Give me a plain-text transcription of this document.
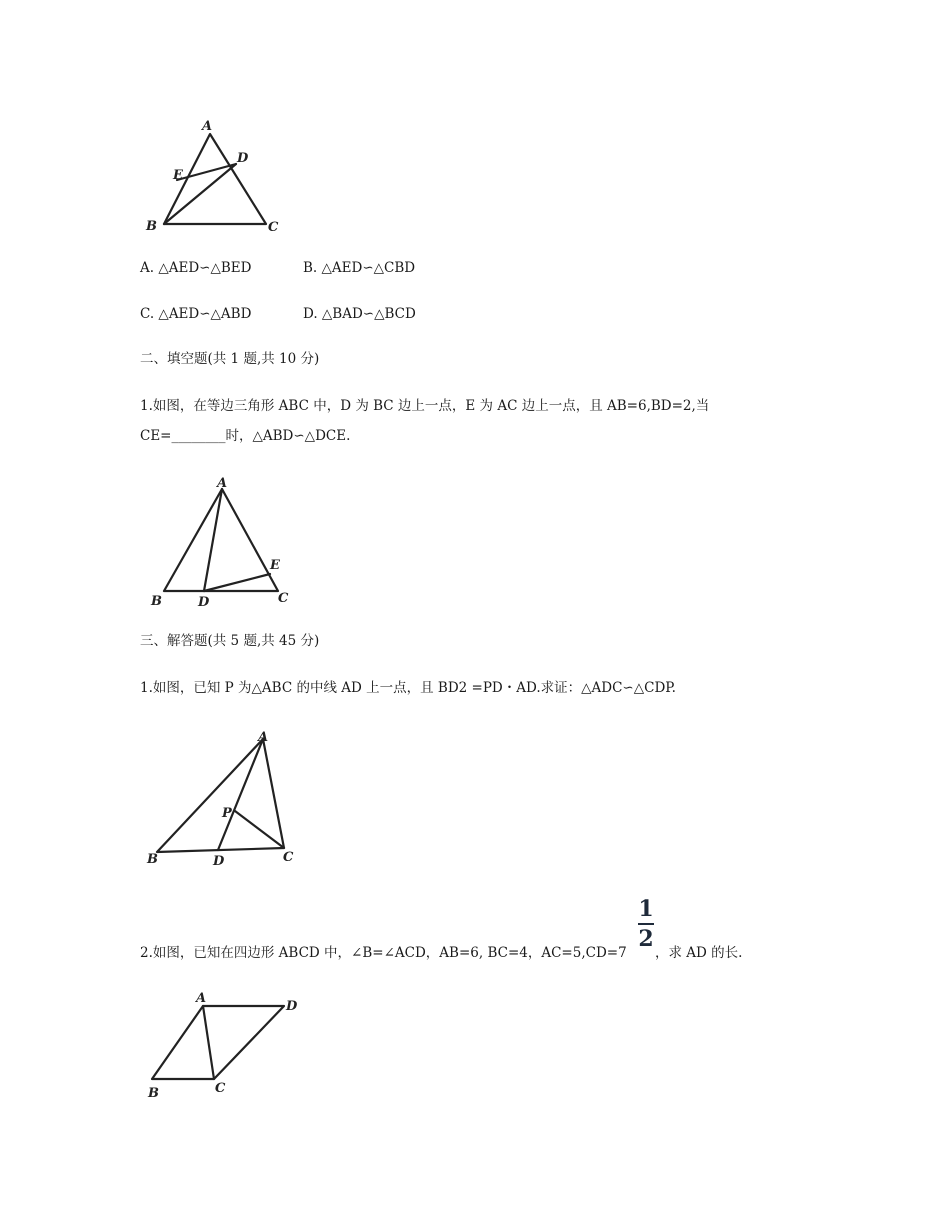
A
D
E
B	C
A. △AED∽△BED	B. △AED∽△CBD
C. △AED∽△ABD	D. △BAD∽△BCD
二、填空题(共 1 题,共 10 分)
1.如图，在等边三角形 ABC 中，D 为 BC 边上一点，E 为 AC 边上一点，且 AB=6,BD=2,当
CE=________时，△ABD∽△DCE.
A
E
B	D	C
三、解答题(共 5 题,共 45 分)
1.如图，已知 P 为△ABC 的中线 AD 上一点，且 BD2 =PD・AD.求证：△ADC∽△CDP.
A
P
B	D	C
2.如图，已知在四边形 ABCD 中，∠B=∠ACD，AB=6, BC=4，AC=5,CD=7
1
2
，求 AD 的长.
A
D
B	C
